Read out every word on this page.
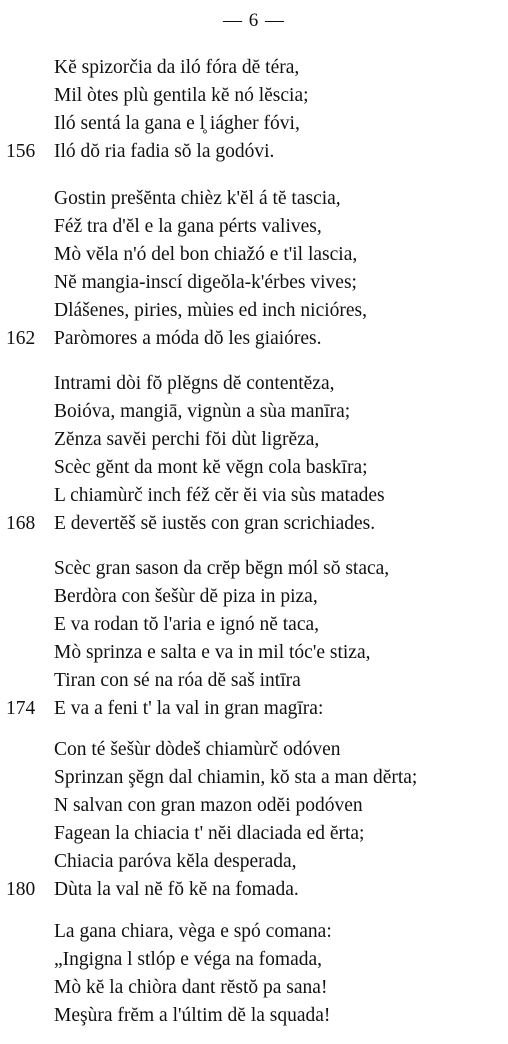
— 6 —
Kĕ spizorčia da iló fóra dĕ téra,
Mil òtes plù gentila kĕ nó lĕscia;
Iló sentá la gana e l̥ iágher fóvi,
156 Iló dŏ ria fadia sŏ la godóvi.
Gostin prešĕnta chièz k'ĕl á tĕ tascia,
Féž tra d'ĕl e la gana pérts valives,
Mò vĕla n'ó del bon chiažó e t'il lascia,
Nĕ mangia-inscí digeŏla-k'érbes vives;
Dlášenes, piries, mùies ed inch nicióres,
162 Paròmores a móda dŏ les giaióres.
Intrami dòi fŏ plĕgns dĕ contentĕza,
Boióva, mangiā, vignùn a sùa manīra;
Zĕnza savĕi perchi fŏi dùt ligrĕza,
Scèc gĕnt da mont kĕ vĕgn cola baskīra;
L chiamùrč inch féž cĕr ĕi via sùs matades
168 E devertĕš sĕ iustĕs con gran scrichiades.
Scèc gran sason da crĕp bĕgn mól sŏ staca,
Berdòra con šešùr dĕ piza in piza,
E va rodan tŏ l'aria e ignó nĕ taca,
Mò sprinza e salta e va in mil tóc'e stiza,
Tiran con sé na róa dĕ saš intīra
174 E va a feni t' la val in gran magīra:
Con té šešùr dòdeš chiamùrč odóven
Sprinzan şĕgn dal chiamin, kŏ sta a man dĕrta;
N salvan con gran mazon odĕi podóven
Fagean la chiacia t' nĕi dlaciada ed ĕrta;
Chiacia paróva kĕla desperada,
180 Dùta la val nĕ fŏ kĕ na fomada.
La gana chiara, vèga e spó comana:
„Ingigna l stlóp e véga na fomada,
Mò kĕ la chiòra dant rĕstŏ pa sana!
Meşùra frĕm a l'últim dĕ la squada!
